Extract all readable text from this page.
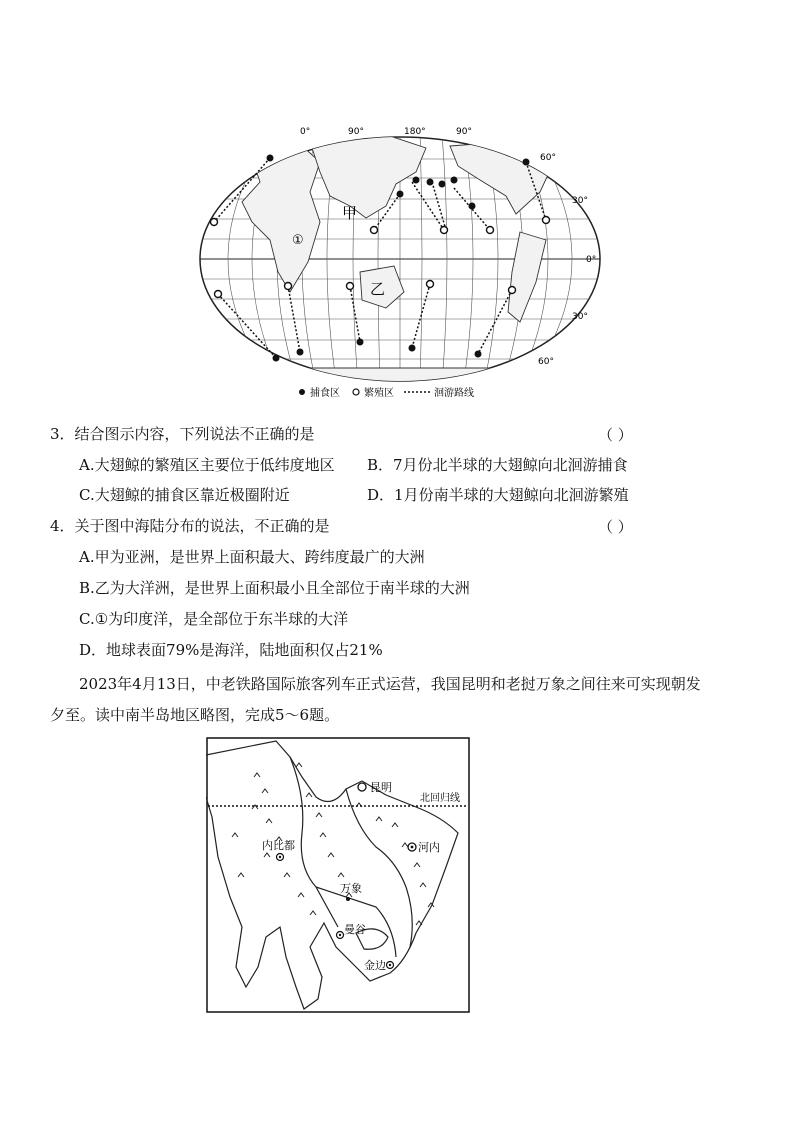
0°	90°	180°	90°
60°
30°
0°
30°
60°
甲
乙
①
捕食区 繁殖区	洄游路线
3．结合图示内容，下列说法不正确的是	（ ）
A.大翅鲸的繁殖区主要位于低纬度地区 B．7月份北半球的大翅鲸向北洄游捕食
C.大翅鲸的捕食区靠近极圈附近	D．1月份南半球的大翅鲸向北洄游繁殖
4．关于图中海陆分布的说法，不正确的是	（ ）
A.甲为亚洲，是世界上面积最大、跨纬度最广的大洲
B.乙为大洋洲，是世界上面积最小且全部位于南半球的大洲
C.①为印度洋，是全部位于东半球的大洋
D．地球表面79%是海洋，陆地面积仅占21%
2023年4月13日，中老铁路国际旅客列车正式运营，我国昆明和老挝万象之间往来可实现朝发
夕至。读中南半岛地区略图，完成5～6题。
北回归线
昆明
内比都	河内
万象
曼谷
金边
